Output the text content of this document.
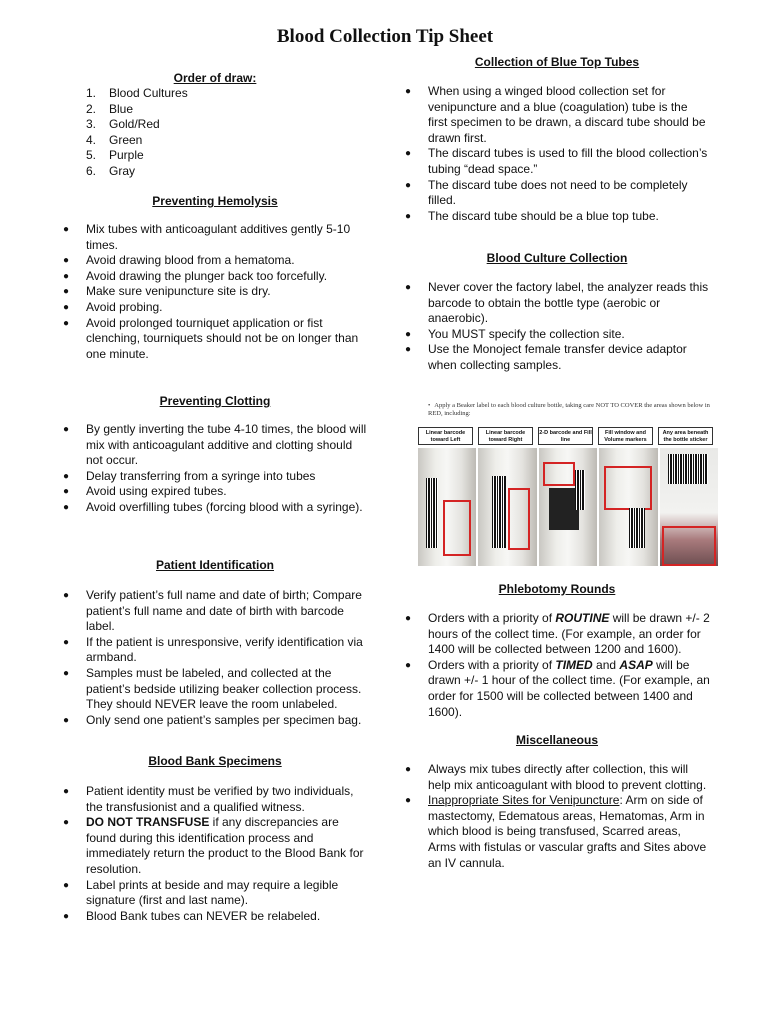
Blood Collection Tip Sheet
Order of draw:
1.	Blood Cultures
2.	Blue
3.	Gold/Red
4.	Green
5.	Purple
6.	Gray
Preventing Hemolysis
● Mix tubes with anticoagulant additives gently 5-10 times.
● Avoid drawing blood from a hematoma.
● Avoid drawing the plunger back too forcefully.
● Make sure venipuncture site is dry.
● Avoid probing.
● Avoid prolonged tourniquet application or fist clenching, tourniquets should not be on longer than one minute.
Preventing Clotting
● By gently inverting the tube 4-10 times, the blood will mix with anticoagulant additive and clotting should not occur.
● Delay transferring from a syringe into tubes
● Avoid using expired tubes.
● Avoid overfilling tubes (forcing blood with a syringe).
Patient Identification
● Verify patient’s full name and date of birth; Compare patient’s full name and date of birth with barcode label.
● If the patient is unresponsive, verify identification via armband.
● Samples must be labeled, and collected at the patient’s bedside utilizing beaker collection process. They should NEVER leave the room unlabeled.
● Only send one patient’s samples per specimen bag.
Blood Bank Specimens
● Patient identity must be verified by two individuals, the transfusionist and a qualified witness.
● DO NOT TRANSFUSE if any discrepancies are found during this identification process and immediately return the product to the Blood Bank for resolution.
● Label prints at beside and may require a legible signature (first and last name).
● Blood Bank tubes can NEVER be relabeled.
Collection of Blue Top Tubes
● When using a winged blood collection set for venipuncture and a blue (coagulation) tube is the first specimen to be drawn, a discard tube should be drawn first.
● The discard tubes is used to fill the blood collection’s tubing “dead space.”
● The discard tube does not need to be completely filled.
● The discard tube should be a blue top tube.
Blood Culture Collection
● Never cover the factory label, the analyzer reads this barcode to obtain the bottle type (aerobic or anaerobic).
● You MUST specify the collection site.
● Use the Monoject female transfer device adaptor when collecting samples.
Phlebotomy Rounds
● Orders with a priority of ROUTINE will be drawn +/- 2 hours of the collect time. (For example, an order for 1400 will be collected between 1200 and 1600).
● Orders with a priority of TIMED and ASAP will be drawn +/- 1 hour of the collect time. (For example, an order for 1500 will be collected between 1400 and 1600).
Miscellaneous
● Always mix tubes directly after collection, this will help mix anticoagulant with blood to prevent clotting.
● Inappropriate Sites for Venipuncture: Arm on side of mastectomy, Edematous areas, Hematomas, Arm in which blood is being transfused, Scarred areas, Arms with fistulas or vascular grafts and Sites above an IV cannula.
• Apply a Beaker label to each blood culture bottle, taking care NOT TO COVER the areas shown below in RED, including:
Linear barcode toward Left
Linear barcode toward Right
2-D barcode and Fill line
Fill window and Volume markers
Any area beneath the bottle sticker
